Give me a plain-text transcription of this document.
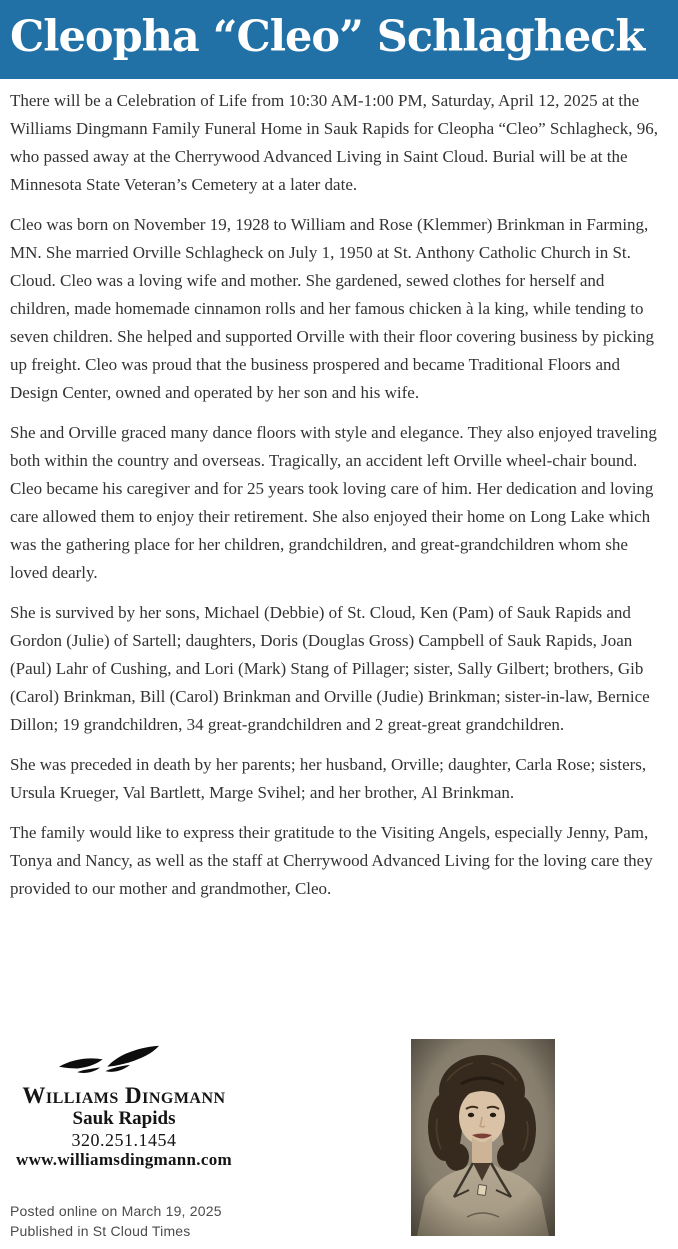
Cleopha “Cleo” Schlagheck

There will be a Celebration of Life from 10:30 AM-1:00 PM, Saturday, April 12, 2025 at the Williams Dingmann Family Funeral Home in Sauk Rapids for Cleopha “Cleo” Schlagheck, 96, who passed away at the Cherrywood Advanced Living in Saint Cloud. Burial will be at the Minnesota State Veteran’s Cemetery at a later date.

Cleo was born on November 19, 1928 to William and Rose (Klemmer) Brinkman in Farming, MN. She married Orville Schlagheck on July 1, 1950 at St. Anthony Catholic Church in St. Cloud. Cleo was a loving wife and mother. She gardened, sewed clothes for herself and children, made homemade cinnamon rolls and her famous chicken à la king, while tending to seven children. She helped and supported Orville with their floor covering business by picking up freight. Cleo was proud that the business prospered and became Traditional Floors and Design Center, owned and operated by her son and his wife.

She and Orville graced many dance floors with style and elegance. They also enjoyed traveling both within the country and overseas. Tragically, an accident left Orville wheel-chair bound. Cleo became his caregiver and for 25 years took loving care of him. Her dedication and loving care allowed them to enjoy their retirement. She also enjoyed their home on Long Lake which was the gathering place for her children, grandchildren, and great-grandchildren whom she loved dearly.

She is survived by her sons, Michael (Debbie) of St. Cloud, Ken (Pam) of Sauk Rapids and Gordon (Julie) of Sartell; daughters, Doris (Douglas Gross) Campbell of Sauk Rapids, Joan (Paul) Lahr of Cushing, and Lori (Mark) Stang of Pillager; sister, Sally Gilbert; brothers, Gib (Carol) Brinkman, Bill (Carol) Brinkman and Orville (Judie) Brinkman; sister-in-law, Bernice Dillon; 19 grandchildren, 34 great-grandchildren and 2 great-great grandchildren.

She was preceded in death by her parents; her husband, Orville; daughter, Carla Rose; sisters, Ursula Krueger, Val Bartlett, Marge Svihel; and her brother, Al Brinkman.

The family would like to express their gratitude to the Visiting Angels, especially Jenny, Pam, Tonya and Nancy, as well as the staff at Cherrywood Advanced Living for the loving care they provided to our mother and grandmother, Cleo.

Williams Dingmann
Sauk Rapids
320.251.1454
www.williamsdingmann.com
Posted online on March 19, 2025
Published in St Cloud Times
